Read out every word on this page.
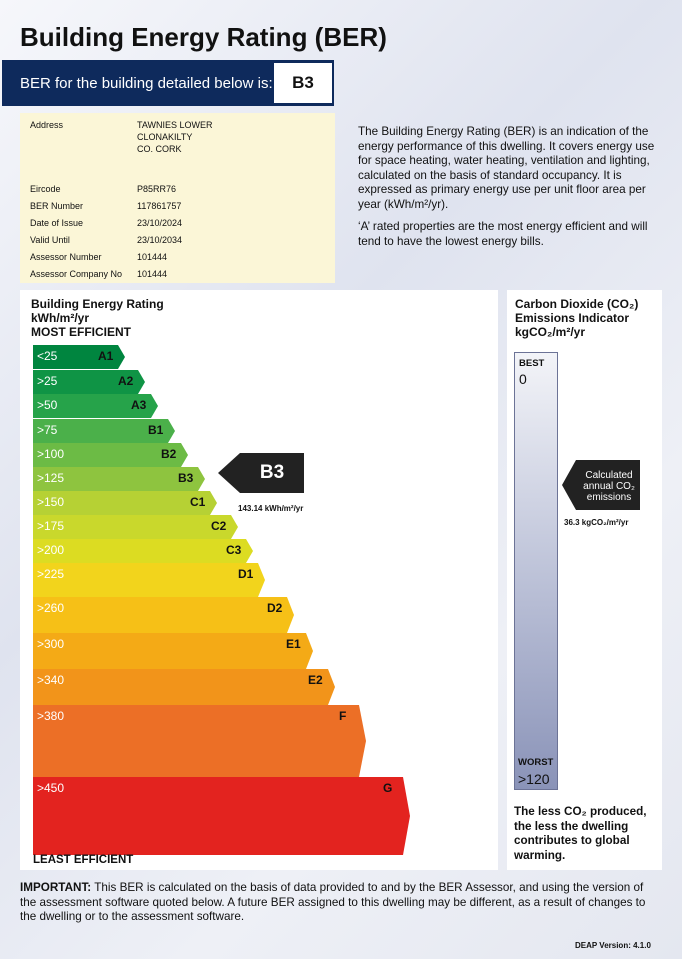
Building Energy Rating (BER)
BER for the building detailed below is:	B3
Address	TAWNIES LOWER
CLONAKILTY
CO. CORK
Eircode	P85RR76
BER Number	117861757
Date of Issue	23/10/2024
Valid Until	23/10/2034
Assessor Number	101444
Assessor Company No 101444

The Building Energy Rating (BER) is an indication of the energy performance of this dwelling. It covers energy use for space heating, water heating, ventilation and lighting, calculated on the basis of standard occupancy. It is expressed as primary energy use per unit floor area per year (kWh/m²/yr).

‘A’ rated properties are the most energy efficient and will tend to have the lowest energy bills.

Building Energy Rating
kWh/m²/yr
MOST EFFICIENT
<25	A1
>25	A2
>50	A3
>75	B1
>100	B2
>125	B3
>150	C1
>175	C2
>200	C3
>225	D1
>260	D2
>300	E1
>340	E2
>380	F
>450	G
B3
143.14 kWh/m²/yr
LEAST EFFICIENT
Carbon Dioxide (CO₂)
Emissions Indicator
kgCO₂/m²/yr
BEST
0
WORST
>120
Calculated
annual CO₂
emissions
36.3 kgCO₂/m²/yr
The less CO₂ produced, the less the dwelling contributes to global warming.
IMPORTANT: This BER is calculated on the basis of data provided to and by the BER Assessor, and using the version of the assessment software quoted below. A future BER assigned to this dwelling may be different, as a result of changes to the dwelling or to the assessment software.
DEAP Version: 4.1.0
